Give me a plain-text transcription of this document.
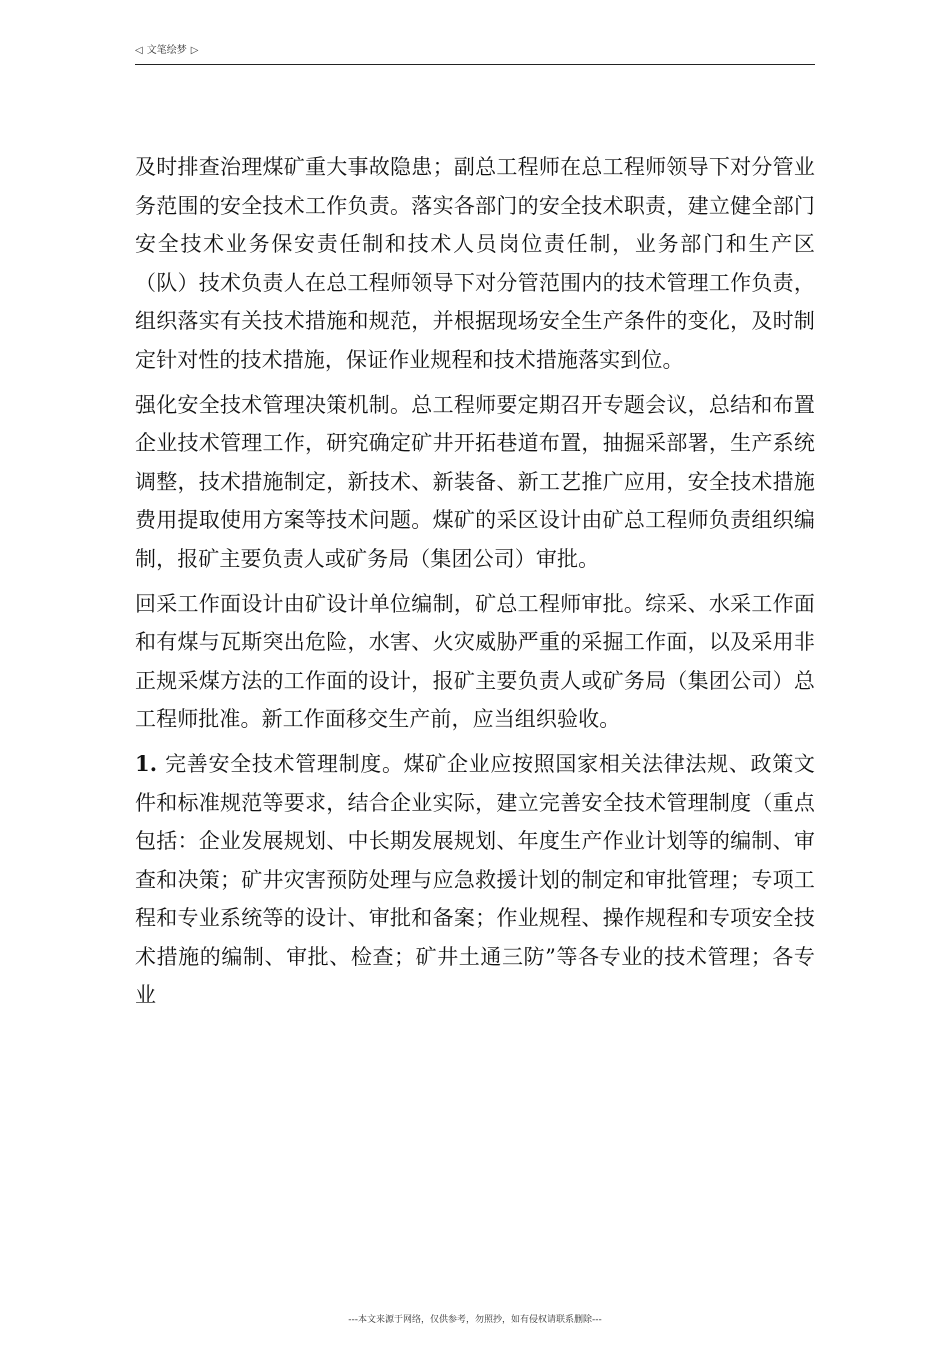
◁ 文笔绘梦 ▷

及时排查治理煤矿重大事故隐患；副总工程师在总工程师领导下对分管业务范围的安全技术工作负责。落实各部门的安全技术职责，建立健全部门安全技术业务保安责任制和技术人员岗位责任制，业务部门和生产区（队）技术负责人在总工程师领导下对分管范围内的技术管理工作负责，组织落实有关技术措施和规范，并根据现场安全生产条件的变化，及时制定针对性的技术措施，保证作业规程和技术措施落实到位。

强化安全技术管理决策机制。总工程师要定期召开专题会议，总结和布置企业技术管理工作，研究确定矿井开拓巷道布置，抽掘采部署，生产系统调整，技术措施制定，新技术、新装备、新工艺推广应用，安全技术措施费用提取使用方案等技术问题。煤矿的采区设计由矿总工程师负责组织编制，报矿主要负责人或矿务局（集团公司）审批。

回采工作面设计由矿设计单位编制，矿总工程师审批。综采、水采工作面和有煤与瓦斯突出危险，水害、火灾威胁严重的采掘工作面，以及采用非正规采煤方法的工作面的设计，报矿主要负责人或矿务局（集团公司）总工程师批准。新工作面移交生产前，应当组织验收。

1. 完善安全技术管理制度。煤矿企业应按照国家相关法律法规、政策文件和标准规范等要求，结合企业实际，建立完善安全技术管理制度（重点包括：企业发展规划、中长期发展规划、年度生产作业计划等的编制、审查和决策；矿井灾害预防处理与应急救援计划的制定和审批管理；专项工程和专业系统等的设计、审批和备案；作业规程、操作规程和专项安全技术措施的编制、审批、检查；矿井土通三防”等各专业的技术管理；各专业

---本文来源于网络，仅供参考，勿照抄，如有侵权请联系删除---
